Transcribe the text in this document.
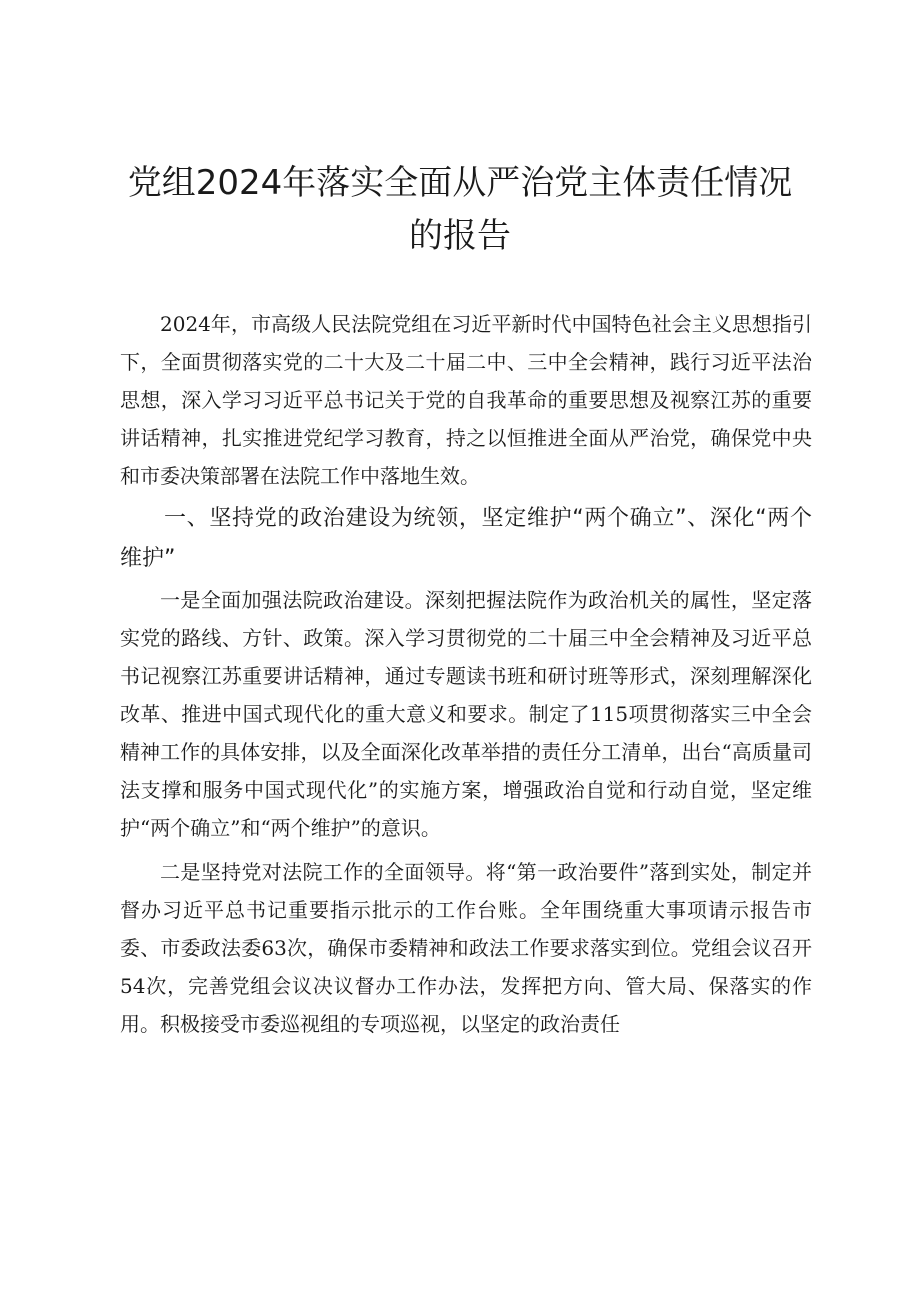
党组2024年落实全面从严治党主体责任情况
的报告

2024年，市高级人民法院党组在习近平新时代中国特色社会主义思想指引下，全面贯彻落实党的二十大及二十届二中、三中全会精神，践行习近平法治思想，深入学习习近平总书记关于党的自我革命的重要思想及视察江苏的重要讲话精神，扎实推进党纪学习教育，持之以恒推进全面从严治党，确保党中央和市委决策部署在法院工作中落地生效。

一、坚持党的政治建设为统领，坚定维护“两个确立”、深化“两个维护”

一是全面加强法院政治建设。深刻把握法院作为政治机关的属性，坚定落实党的路线、方针、政策。深入学习贯彻党的二十届三中全会精神及习近平总书记视察江苏重要讲话精神，通过专题读书班和研讨班等形式，深刻理解深化改革、推进中国式现代化的重大意义和要求。制定了115项贯彻落实三中全会精神工作的具体安排，以及全面深化改革举措的责任分工清单，出台“高质量司法支撑和服务中国式现代化”的实施方案，增强政治自觉和行动自觉，坚定维护“两个确立”和“两个维护”的意识。

二是坚持党对法院工作的全面领导。将“第一政治要件”落到实处，制定并督办习近平总书记重要指示批示的工作台账。全年围绕重大事项请示报告市委、市委政法委63次，确保市委精神和政法工作要求落实到位。党组会议召开54次，完善党组会议决议督办工作办法，发挥把方向、管大局、保落实的作用。积极接受市委巡视组的专项巡视，以坚定的政治责任
